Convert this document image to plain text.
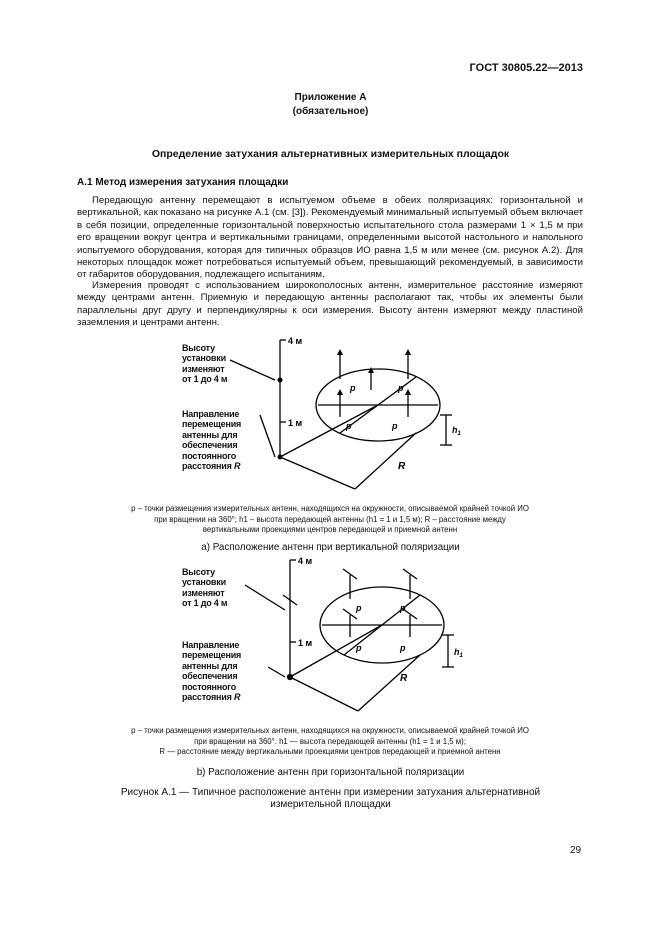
ГОСТ 30805.22—2013
Приложение А
(обязательное)
Определение затухания альтернативных измерительных площадок
А.1 Метод измерения затухания площадки
Передающую антенну перемещают в испытуемом объеме в обеих поляризациях: горизонтальной и вертикальной, как показано на рисунке А.1 (см. [3]). Рекомендуемый минимальный испытуемый объем включает в себя позиции, определенные горизонтальной поверхностью испытательного стола размерами 1 × 1,5 м при его вращении вокруг центра и вертикальными границами, определенными высотой настольного и напольного испытуемого оборудования, которая для типичных образцов ИО равна 1,5 м или менее (см. рисунок А.2). Для некоторых площадок может потребоваться испытуемый объем, превышающий рекомендуемый, в зависимости от габаритов оборудования, подлежащего испытаниям.
Измерения проводят с использованием широкополосных антенн, измерительное расстояние измеряют между центрами антенн. Приемную и передающую антенны располагают так, чтобы их элементы были параллельны друг другу и перпендикулярны к оси измерения. Высоту антенн измеряют между пластиной заземления и центрами антенн.
4 м
1 м
p	p
p	p
R
$h_1$
Высоту
установки
изменяют
от 1 до 4 м
Направление
перемещения
антенны для
обеспечения
постоянного
расстояния R
p – точки размещения измерительных антенн, находящихся на окружности, описываемой крайней точкой ИО
при вращении на 360°; h1 – высота передающей антенны (h1 = 1 и 1,5 м); R – расстояние между
вертикальными проекциями центров передающей и приемной антенн
а) Расположение антенн при вертикальной поляризации
4 м
1 м
p	p
p	p
R
$h_1$
Высоту
установки
изменяют
от 1 до 4 м
Направление
перемещения
антенны для
обеспечения
постоянного
расстояния R
p – точки размещения измерительных антенн, находящихся на окружности, описываемой крайней точкой ИО
при вращении на 360°. h1 — высота передающей антенны (h1 = 1 и 1,5 м);
R — расстояние между вертикальными проекциями центров передающей и приемной антенн
b) Расположение антенн при горизонтальной поляризации
Рисунок А.1 — Типичное расположение антенн при измерении затухания альтернативной
измерительной площадки
29
